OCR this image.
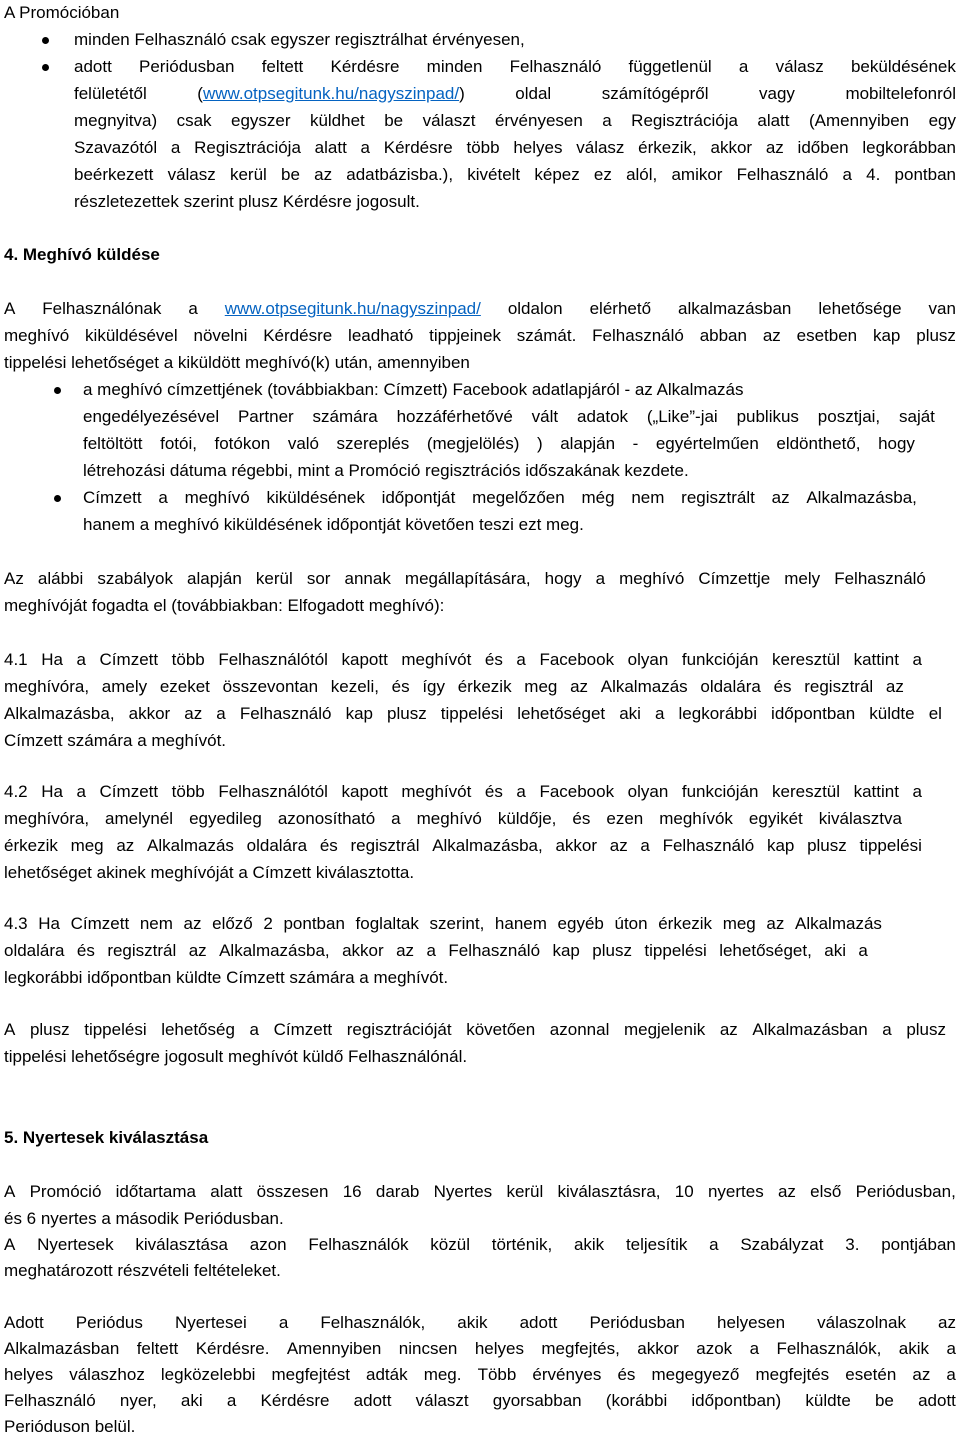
A Promócióban
minden Felhasználó csak egyszer regisztrálhat érvényesen,
adott Periódusban feltett Kérdésre minden Felhasználó függetlenül a válasz beküldésének
felületétől	(www.otpsegitunk.hu/nagyszinpad/)	oldal	számítógépről	vagy	mobiltelefonról
megnyitva) csak egyszer küldhet be választ érvényesen a Regisztrációja alatt (Amennyiben egy
Szavazótól a Regisztrációja alatt a Kérdésre több helyes válasz érkezik, akkor az időben legkorábban
beérkezett válasz kerül be az adatbázisba.), kivételt képez ez alól, amikor Felhasználó a 4. pontban
részletezettek szerint plusz Kérdésre jogosult.
4. Meghívó küldése
A Felhasználónak a www.otpsegitunk.hu/nagyszinpad/ oldalon elérhető alkalmazásban lehetősége van
meghívó kiküldésével növelni Kérdésre leadható tippjeinek számát. Felhasználó abban az esetben kap plusz
tippelési lehetőséget a kiküldött meghívó(k) után, amennyiben
a meghívó címzettjének (továbbiakban: Címzett) Facebook adatlapjáról - az Alkalmazás
engedélyezésével Partner számára hozzáférhetővé vált adatok („Like”-jai publikus posztjai, saját
feltöltött fotói, fotókon való szereplés (megjelölés) ) alapján - egyértelműen eldönthető, hogy
létrehozási dátuma régebbi, mint a Promóció regisztrációs időszakának kezdete.
Címzett a meghívó kiküldésének időpontját megelőzően még nem regisztrált az Alkalmazásba,
hanem a meghívó kiküldésének időpontját követően teszi ezt meg.
Az alábbi szabályok alapján kerül sor annak megállapítására, hogy a meghívó Címzettje mely Felhasználó
meghívóját fogadta el (továbbiakban: Elfogadott meghívó):
4.1 Ha a Címzett több Felhasználótól kapott meghívót és a Facebook olyan funkcióján keresztül kattint a
meghívóra, amely ezeket összevontan kezeli, és így érkezik meg az Alkalmazás oldalára és regisztrál az
Alkalmazásba, akkor az a Felhasználó kap plusz tippelési lehetőséget aki a legkorábbi időpontban küldte el
Címzett számára a meghívót.
4.2 Ha a Címzett több Felhasználótól kapott meghívót és a Facebook olyan funkcióján keresztül kattint a
meghívóra, amelynél egyedileg azonosítható a meghívó küldője, és ezen meghívók egyikét kiválasztva
érkezik meg az Alkalmazás oldalára és regisztrál Alkalmazásba, akkor az a Felhasználó kap plusz tippelési
lehetőséget akinek meghívóját a Címzett kiválasztotta.
4.3 Ha Címzett nem az előző 2 pontban foglaltak szerint, hanem egyéb úton érkezik meg az Alkalmazás
oldalára és regisztrál az Alkalmazásba, akkor az a Felhasználó kap plusz tippelési lehetőséget, aki a
legkorábbi időpontban küldte Címzett számára a meghívót.
A plusz tippelési lehetőség a Címzett regisztrációját követően azonnal megjelenik az Alkalmazásban a plusz
tippelési lehetőségre jogosult meghívót küldő Felhasználónál.
5. Nyertesek kiválasztása
A Promóció időtartama alatt összesen 16 darab Nyertes kerül kiválasztásra, 10 nyertes az első Periódusban,
és 6 nyertes a második Periódusban.
A Nyertesek kiválasztása azon Felhasználók közül történik, akik teljesítik a Szabályzat 3. pontjában
meghatározott részvételi feltételeket.
Adott Periódus Nyertesei a Felhasználók, akik adott Periódusban helyesen válaszolnak az
Alkalmazásban feltett Kérdésre. Amennyiben nincsen helyes megfejtés, akkor azok a Felhasználók, akik a
helyes válaszhoz legközelebbi megfejtést adták meg. Több érvényes és megegyező megfejtés esetén az a
Felhasználó nyer, aki a Kérdésre adott választ gyorsabban (korábbi időpontban) küldte be adott
Perióduson belül.
